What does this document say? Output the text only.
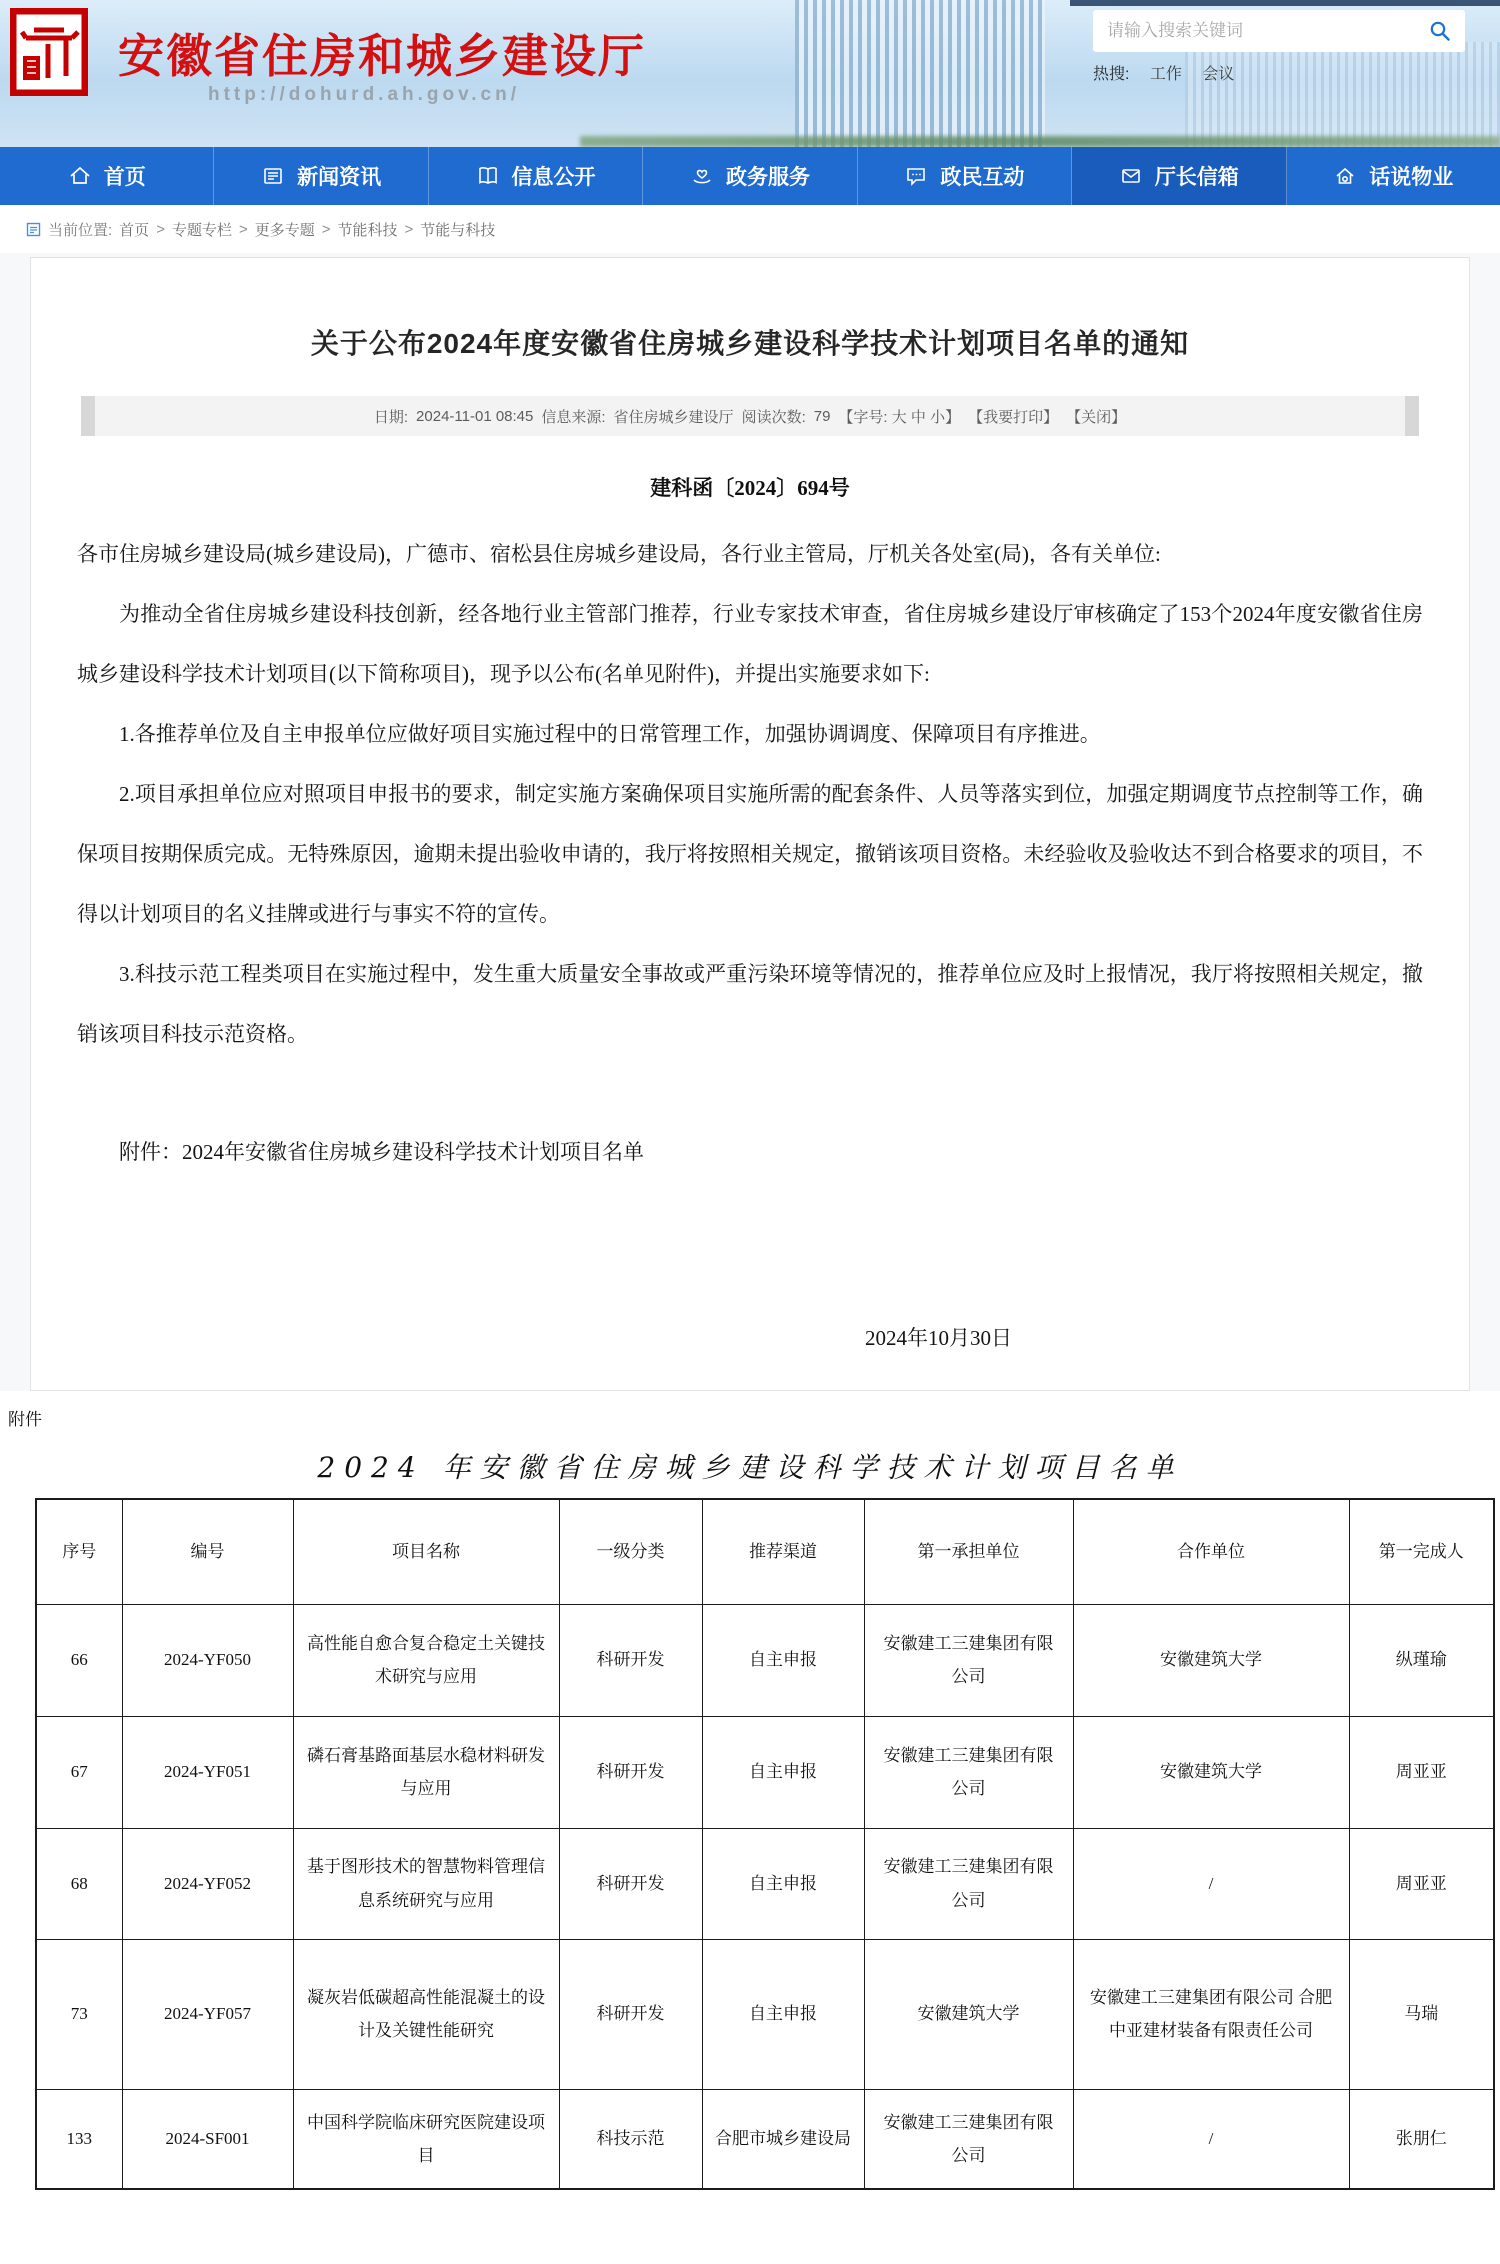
安徽省住房和城乡建设厅
http://dohurd.ah.gov.cn/
请输入搜索关键词
热搜: 工作 会议
首页	新闻资讯	信息公开	政务服务	政民互动	厅长信箱	话说物业
当前位置: 首页 > 专题专栏 > 更多专题 > 节能科技 > 节能与科技
关于公布2024年度安徽省住房城乡建设科学技术计划项目名单的通知
日期: 2024-11-01 08:45 信息来源: 省住房城乡建设厅 阅读次数: 79 【字号: 大 中 小】 【我要打印】 【关闭】
建科函〔2024〕694号

各市住房城乡建设局(城乡建设局)，广德市、宿松县住房城乡建设局，各行业主管局，厅机关各处室(局)，各有关单位:

为推动全省住房城乡建设科技创新，经各地行业主管部门推荐，行业专家技术审查，省住房城乡建设厅审核确定了153个2024年度安徽省住房城乡建设科学技术计划项目(以下简称项目)，现予以公布(名单见附件)，并提出实施要求如下:

1.各推荐单位及自主申报单位应做好项目实施过程中的日常管理工作，加强协调调度、保障项目有序推进。

2.项目承担单位应对照项目申报书的要求，制定实施方案确保项目实施所需的配套条件、人员等落实到位，加强定期调度节点控制等工作，确保项目按期保质完成。无特殊原因，逾期未提出验收申请的，我厅将按照相关规定，撤销该项目资格。未经验收及验收达不到合格要求的项目，不得以计划项目的名义挂牌或进行与事实不符的宣传。

3.科技示范工程类项目在实施过程中，发生重大质量安全事故或严重污染环境等情况的，推荐单位应及时上报情况，我厅将按照相关规定，撤销该项目科技示范资格。

附件：2024年安徽省住房城乡建设科学技术计划项目名单

2024年10月30日
附件
2024 年安徽省住房城乡建设科学技术计划项目名单
序号	编号	项目名称	一级分类	推荐渠道	第一承担单位	合作单位	第一完成人
66	2024-YF050	高性能自愈合复合稳定土关键技术研究与应用	科研开发	自主申报	安徽建工三建集团有限公司	安徽建筑大学	纵瑾瑜
67	2024-YF051	磷石膏基路面基层水稳材料研发与应用	科研开发	自主申报	安徽建工三建集团有限公司	安徽建筑大学	周亚亚
68	2024-YF052	基于图形技术的智慧物料管理信息系统研究与应用	科研开发	自主申报	安徽建工三建集团有限公司	/	周亚亚
73	2024-YF057	凝灰岩低碳超高性能混凝土的设计及关键性能研究	科研开发	自主申报	安徽建筑大学	安徽建工三建集团有限公司 合肥中亚建材装备有限责任公司	马瑞
133	2024-SF001	中国科学院临床研究医院建设项目	科技示范	合肥市城乡建设局	安徽建工三建集团有限公司	/	张朋仁
